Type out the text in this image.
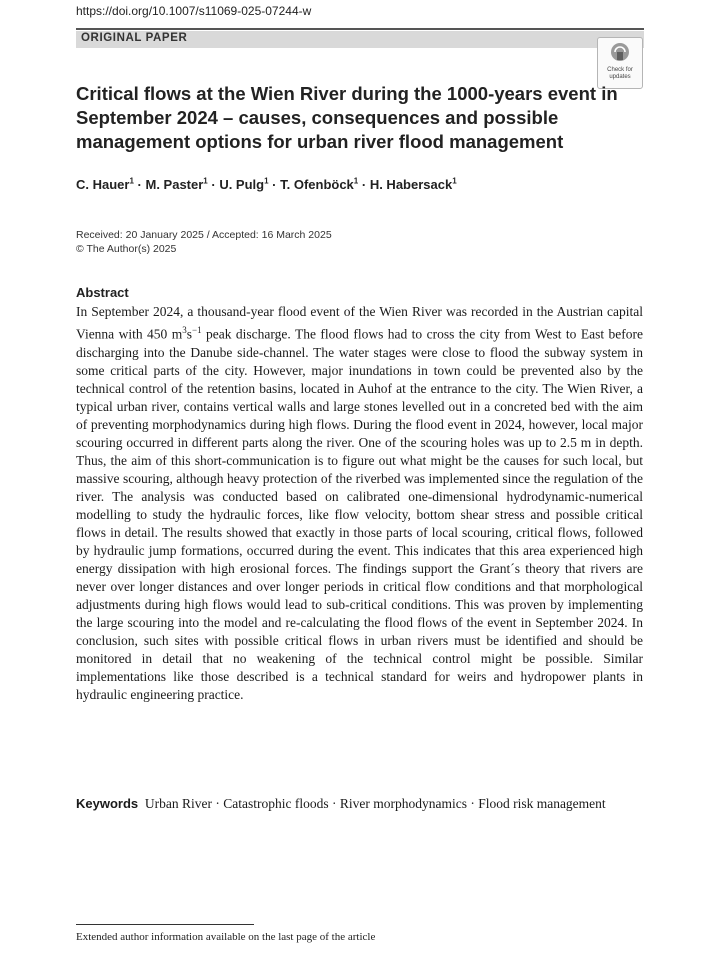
https://doi.org/10.1007/s11069-025-07244-w
ORIGINAL PAPER
Check for
updates
Critical flows at the Wien River during the 1000-years event in September 2024 – causes, consequences and possible management options for urban river flood management
C. Hauer$^1$ · M. Paster$^1$ · U. Pulg$^1$ · T. Ofenböck$^1$ · H. Habersack$^1$
Received: 20 January 2025 / Accepted: 16 March 2025
© The Author(s) 2025
Abstract

In September 2024, a thousand-year flood event of the Wien River was recorded in the Austrian capital Vienna with 450 $m^3s^{-1}$ peak discharge. The flood flows had to cross the city from West to East before discharging into the Danube side-channel. The water stages were close to flood the subway system in some critical parts of the city. However, major inundations in town could be prevented also by the technical control of the retention basins, located in Auhof at the entrance to the city. The Wien River, a typical urban river, contains vertical walls and large stones levelled out in a concreted bed with the aim of preventing morphodynamics during high flows. During the flood event in 2024, however, local major scouring occurred in different parts along the river. One of the scouring holes was up to 2.5 m in depth. Thus, the aim of this short-communication is to figure out what might be the causes for such local, but massive scouring, although heavy protection of the riverbed was implemented since the regulation of the river. The analysis was conducted based on calibrated one-dimensional hydrodynamic-numerical modelling to study the hydraulic forces, like flow velocity, bottom shear stress and possible critical flows in detail. The results showed that exactly in those parts of local scouring, critical flows, followed by hydraulic jump formations, occurred during the event. This indicates that this area experienced high energy dissipation with high erosional forces. The findings support the Grant´s theory that rivers are never over longer distances and over longer periods in critical flow conditions and that morphological adjustments during high flows would lead to sub-critical conditions. This was proven by implementing the large scouring into the model and re-calculating the flood flows of the event in September 2024. In conclusion, such sites with possible critical flows in urban rivers must be identified and should be monitored in detail that no weakening of the technical control might be possible. Similar implementations like those described is a technical standard for weirs and hydropower plants in hydraulic engineering practice.

Keywords Urban River · Catastrophic floods · River morphodynamics · Flood risk management
Extended author information available on the last page of the article
